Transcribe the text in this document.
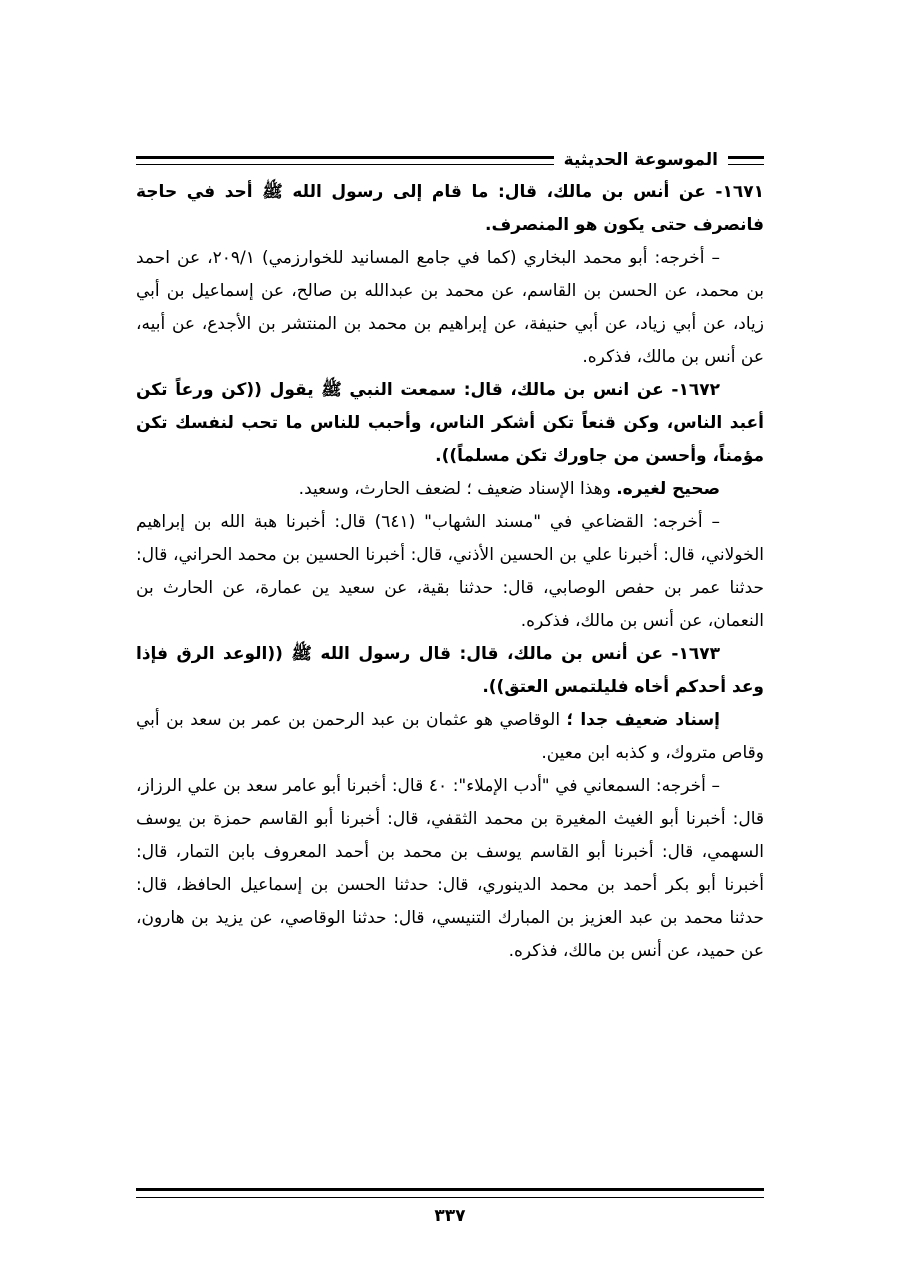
الموسوعة الحديثية

١٦٧١- عن أنس بن مالك، قال: ما قام إلى رسول الله ﷺ أحد في حاجة فانصرف حتى يكون هو المنصرف.

– أخرجه: أبو محمد البخاري (كما في جامع المسانيد للخوارزمي) ٢٠٩/١، عن احمد بن محمد، عن الحسن بن القاسم، عن محمد بن عبدالله بن صالح، عن إسماعيل بن أبي زياد، عن أبي زياد، عن أبي حنيفة، عن إبراهيم بن محمد بن المنتشر بن الأجدع، عن أبيه، عن أنس بن مالك، فذكره.

١٦٧٢- عن انس بن مالك، قال: سمعت النبي ﷺ يقول ((كن ورعاً تكن أعبد الناس، وكن قنعاً تكن أشكر الناس، وأحبب للناس ما تحب لنفسك تكن مؤمناً، وأحسن من جاورك تكن مسلماً)).

صحيح لغيره. وهذا الإسناد ضعيف ؛ لضعف الحارث، وسعيد.

– أخرجه: القضاعي في "مسند الشهاب" (٦٤١) قال: أخبرنا هبة الله بن إبراهيم الخولاني، قال: أخبرنا علي بن الحسين الأذني، قال: أخبرنا الحسين بن محمد الحراني، قال: حدثنا عمر بن حفص الوصابي، قال: حدثنا بقية، عن سعيد ين عمارة، عن الحارث بن النعمان، عن أنس بن مالك، فذكره.

١٦٧٣- عن أنس بن مالك، قال: قال رسول الله ﷺ ((الوعد الرق فإذا وعد أحدكم أخاه فليلتمس العتق)).

إسناد ضعيف جدا ؛ الوقاصي هو عثمان بن عبد الرحمن بن عمر بن سعد بن أبي وقاص متروك، و كذبه ابن معين.

– أخرجه: السمعاني في "أدب الإملاء": ٤٠ قال: أخبرنا أبو عامر سعد بن علي الرزاز، قال: أخبرنا أبو الغيث المغيرة بن محمد الثقفي، قال: أخبرنا أبو القاسم حمزة بن يوسف السهمي، قال: أخبرنا أبو القاسم يوسف بن محمد بن أحمد المعروف بابن التمار، قال: أخبرنا أبو بكر أحمد بن محمد الدينوري، قال: حدثنا الحسن بن إسماعيل الحافظ، قال: حدثنا محمد بن عبد العزيز بن المبارك التنيسي، قال: حدثنا الوقاصي، عن يزيد بن هارون، عن حميد، عن أنس بن مالك، فذكره.

٣٣٧
